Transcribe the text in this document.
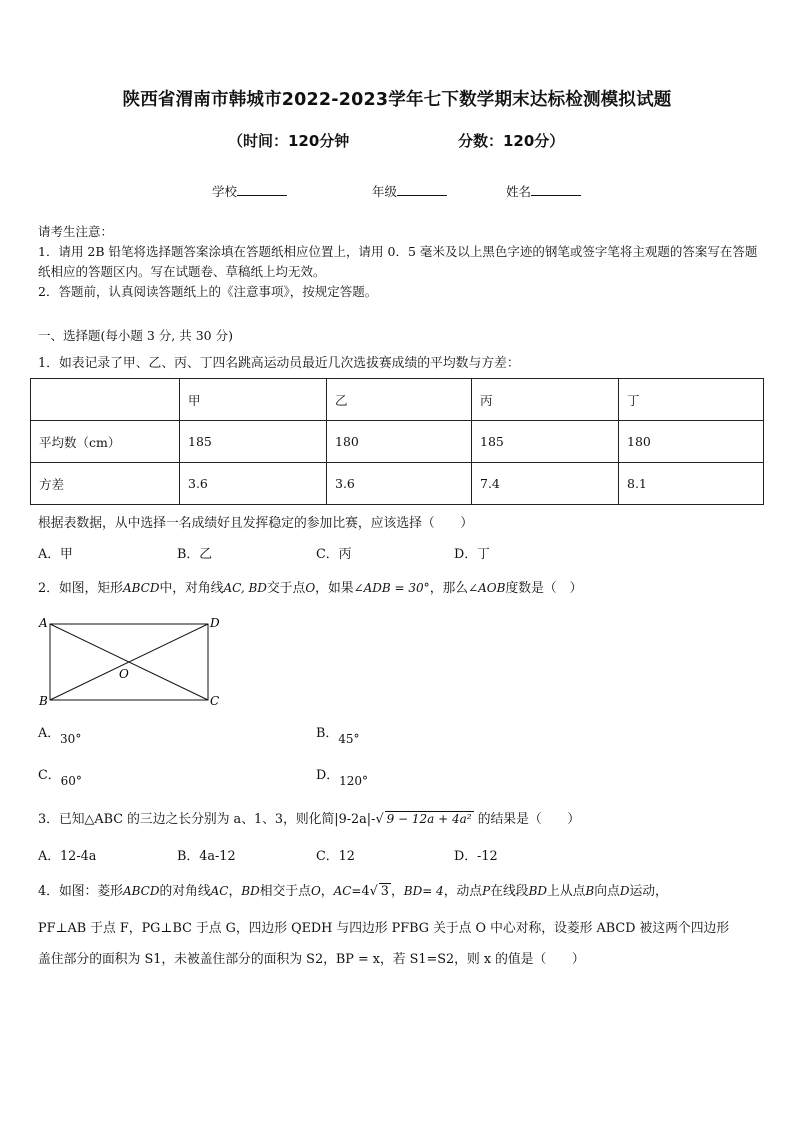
陕西省渭南市韩城市2022-2023学年七下数学期末达标检测模拟试题
（时间：120分钟	分数：120分）
学校	年级	姓名

请考生注意：

1．请用 2B 铅笔将选择题答案涂填在答题纸相应位置上，请用 0．5 毫米及以上黑色字迹的钢笔或签字笔将主观题的答案写在答题纸相应的答题区内。写在试题卷、草稿纸上均无效。

2．答题前，认真阅读答题纸上的《注意事项》，按规定答题。

一、选择题(每小题 3 分, 共 30 分)
1．如表记录了甲、乙、丙、丁四名跳高运动员最近几次选拔赛成绩的平均数与方差：
	甲	乙	丙	丁
平均数（cm）	185	180	185	180
方差	3.6	3.6	7.4	8.1
根据表数据，从中选择一名成绩好且发挥稳定的参加比赛，应该选择（　　）
A．甲	B．乙	C．丙	D．丁
2．如图，矩形ABCD中，对角线AC, BD交于点O，如果∠ADB = 30°，那么∠AOB度数是（　）
A	D
B	C
O
A．30°	B．45°
C．60°	D．120°
3．已知△ABC 的三边之长分别为 a、1、3，则化简|9-2a|-√ 9 − 12a + 4a² 的结果是（　　）
A．12-4a	B．4a-12	C．12	D．-12
4．如图：菱形ABCD的对角线AC，BD相交于点O，AC=4√ 3 ，BD= 4，动点P在线段BD上从点B向点D运动，
PF⊥AB 于点 F，PG⊥BC 于点 G，四边形 QEDH 与四边形 PFBG 关于点 O 中心对称，设菱形 ABCD 被这两个四边形
盖住部分的面积为 S1，未被盖住部分的面积为 S2，BP = x，若 S1=S2，则 x 的值是（　　）
